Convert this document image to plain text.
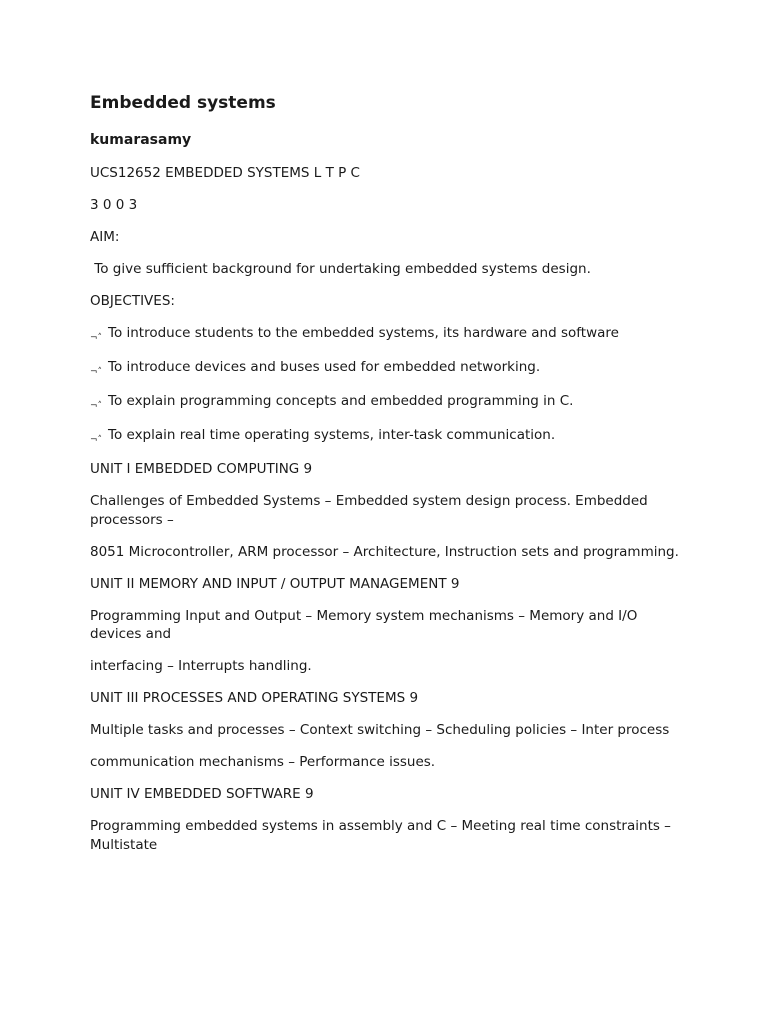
Embedded systems
kumarasamy

UCS12652 EMBEDDED SYSTEMS L T P C

3 0 0 3

AIM:

To give sufficient background for undertaking embedded systems design.

OBJECTIVES:

¬˄ To introduce students to the embedded systems, its hardware and software

¬˄ To introduce devices and buses used for embedded networking.

¬˄ To explain programming concepts and embedded programming in C.

¬˄ To explain real time operating systems, inter-task communication.

UNIT I EMBEDDED COMPUTING 9

Challenges of Embedded Systems – Embedded system design process. Embedded processors –

8051 Microcontroller, ARM processor – Architecture, Instruction sets and programming.

UNIT II MEMORY AND INPUT / OUTPUT MANAGEMENT 9

Programming Input and Output – Memory system mechanisms – Memory and I/O devices and

interfacing – Interrupts handling.

UNIT III PROCESSES AND OPERATING SYSTEMS 9

Multiple tasks and processes – Context switching – Scheduling policies – Inter process

communication mechanisms – Performance issues.

UNIT IV EMBEDDED SOFTWARE 9

Programming embedded systems in assembly and C – Meeting real time constraints – Multistate
